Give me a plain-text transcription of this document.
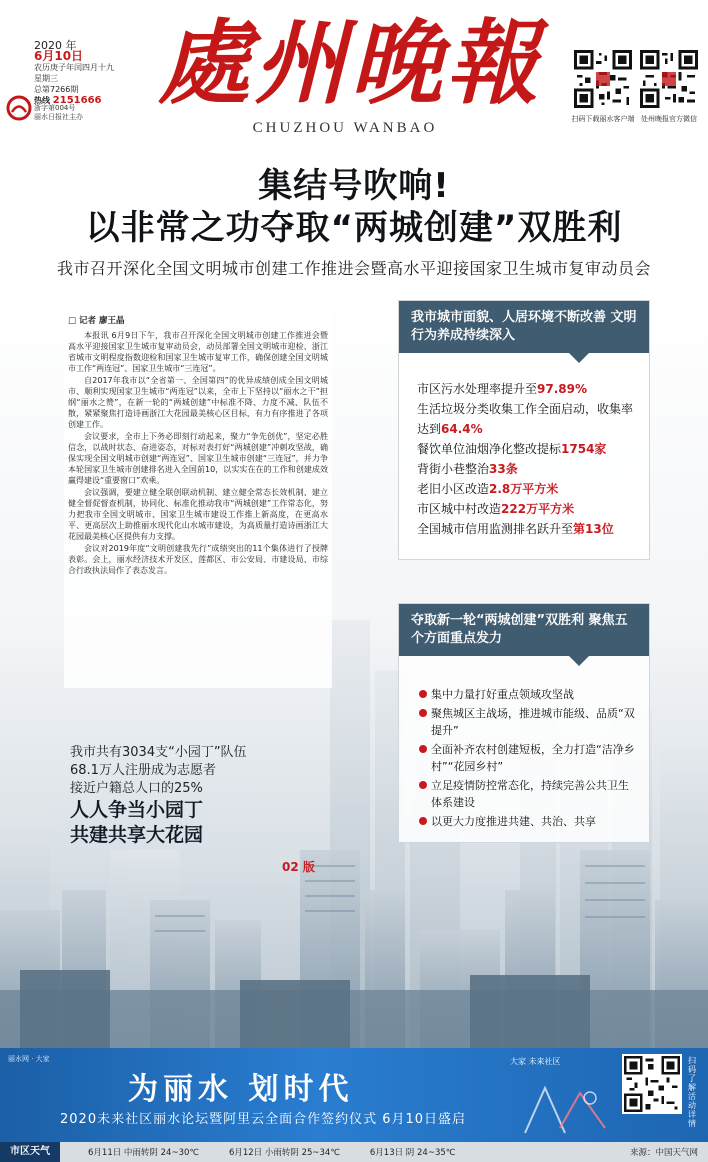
2020 年
6月10日
农历庚子年闰四月十九
星期三
总第7266期
热线 2151666
浙字第004号
丽水日报社主办 處州晚報
CHUZHOU WANBAO
扫码下载丽水客户端 处州晚报官方微信
集结号吹响!
以非常之功夺取“两城创建”双胜利
我市召开深化全国文明城市创建工作推进会暨高水平迎接国家卫生城市复审动员会
□ 记者 廖王晶

本报讯 6月9日下午，我市召开深化全国文明城市创建工作推进会暨高水平迎接国家卫生城市复审动员会，动员部署全国文明城市迎检、浙江省城市文明程度指数迎检和国家卫生城市复审工作，确保创建全国文明城市工作“两连冠”、国家卫生城市“三连冠”。

自2017年我市以“全省第一、全国第四”的优异成绩创成全国文明城市、顺利实现国家卫生城市“两连冠”以来，全市上下坚持以“丽水之干”担纲“丽水之赞”，在新一轮的“两城创建”中标准不降、力度不减、队伍不散，紧紧聚焦打造诗画浙江大花园最美核心区目标，有力有序推进了各项创建工作。

会议要求，全市上下务必即刻行动起来，聚力“争先创优”，坚定必胜信念，以战时状态、奋进姿态，对标对表打好“两城创建”冲刺攻坚战，确保实现全国文明城市创建“两连冠”、国家卫生城市创建“三连冠”，并力争本轮国家卫生城市创建排名进入全国前10，以实实在在的工作和创建成效赢得建设“重要窗口”欢乘。

会议强调，要建立健全联创联动机制、建立健全常态长效机制、建立健全督促督查机制，协同化、标准化推动我市“两城创建”工作常态化，努力把我市全国文明城市、国家卫生城市建设工作推上新高度，在更高水平、更高层次上助推丽水现代化山水城市建设，为高质量打造诗画浙江大花园最美核心区提供有力支撑。

会议对2019年度“文明创建我先行”成绩突出的11个集体进行了授牌表彰。会上，丽水经济技术开发区、莲都区、市公安局、市建设局、市综合行政执法局作了表态发言。

我市共有3034支“小园丁”队伍
68.1万人注册成为志愿者
接近户籍总人口的25%
人人争当小园丁
共建共享大花园
02 版
我市城市面貌、人居环境不断改善 文明行为养成持续深入
市区污水处理率提升至97.89%
生活垃圾分类收集工作全面启动，收集率达到64.4%
餐饮单位油烟净化整改提标1754家
背街小巷整治33条
老旧小区改造2.8万平方米
市区城中村改造222万平方米
全国城市信用监测排名跃升至第13位
夺取新一轮“两城创建”双胜利 聚焦五个方面重点发力
集中力量打好重点领域攻坚战
聚焦城区主战场，推进城市能级、品质“双提升”
全面补齐农村创建短板，全力打造“洁净乡村”“花园乡村”
立足疫情防控常态化，持续完善公共卫生体系建设
以更大力度推进共建、共治、共享
丽水网 · 大家
为丽水 划时代
2020未来社区丽水论坛暨阿里云全面合作签约仪式 6月10日盛启
大家 未来社区	扫码了解活动详情
市区天气	6月11日 中雨转阴 24~30℃	6月12日 小雨转阴 25~34℃	6月13日 阴 24~35℃	来源：中国天气网
